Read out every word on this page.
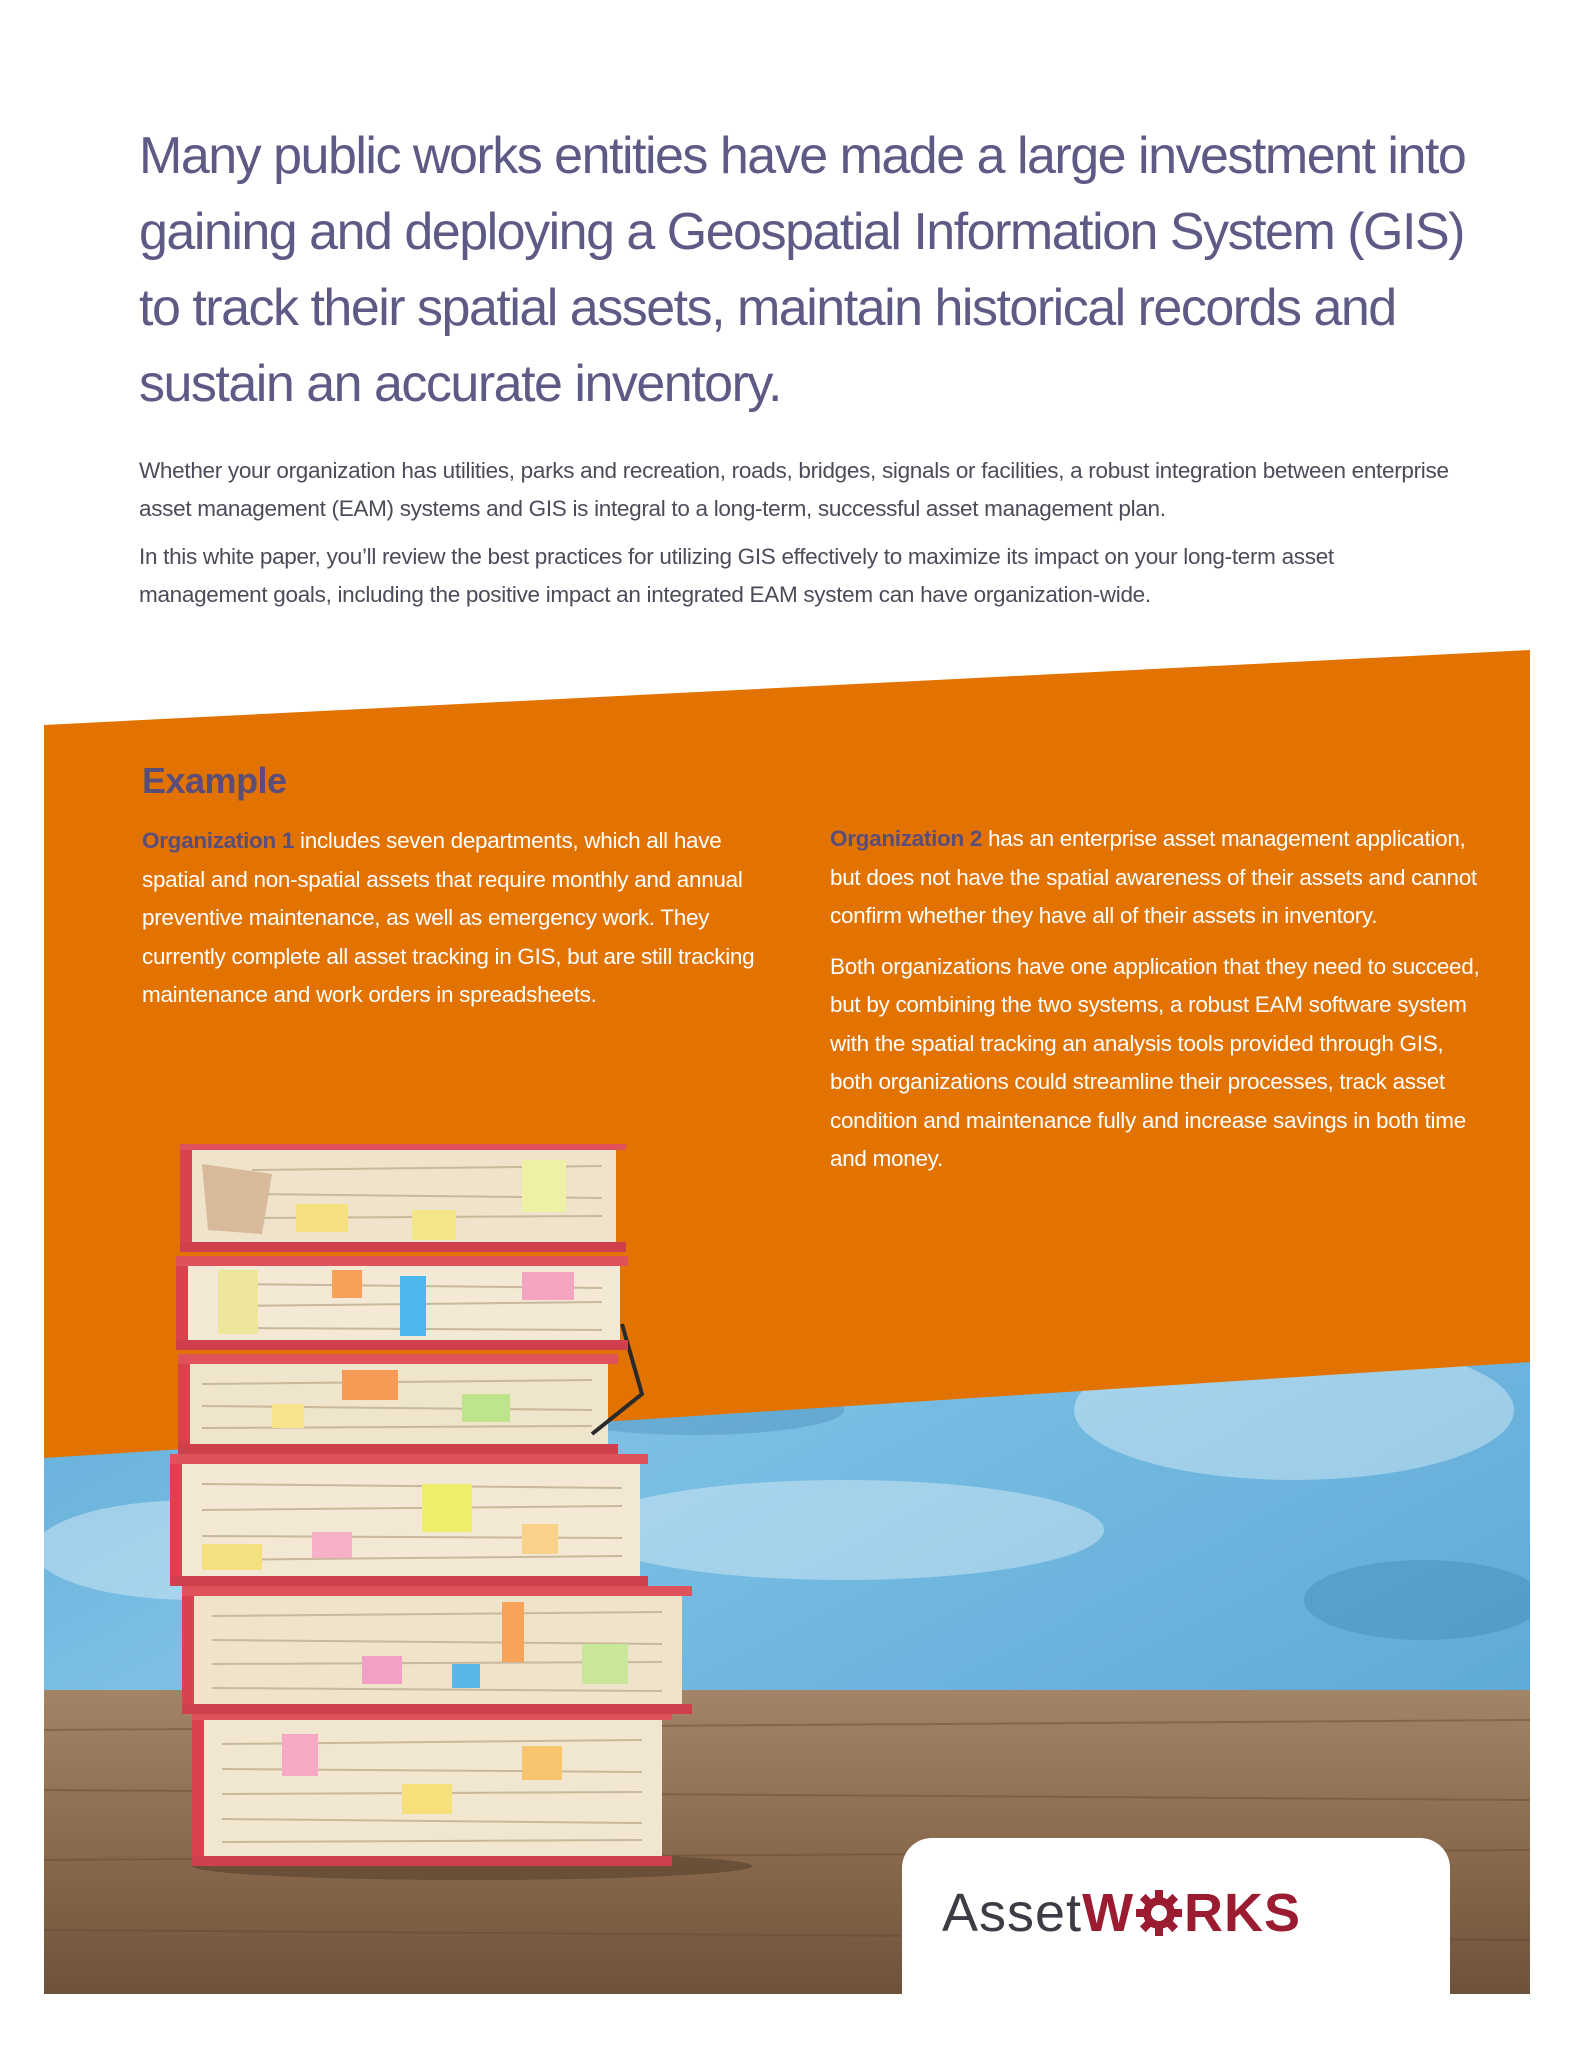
Many public works entities have made a large investment into gaining and deploying a Geospatial Information System (GIS) to track their spatial assets, maintain historical records and sustain an accurate inventory.

Whether your organization has utilities, parks and recreation, roads, bridges, signals or facilities, a robust integration between enterprise asset management (EAM) systems and GIS is integral to a long-term, successful asset management plan.

In this white paper, you’ll review the best practices for utilizing GIS effectively to maximize its impact on your long-term asset management goals, including the positive impact an integrated EAM system can have organization-wide.

Example

Organization 1 includes seven departments, which all have spatial and non-spatial assets that require monthly and annual preventive maintenance, as well as emergency work. They currently complete all asset tracking in GIS, but are still tracking maintenance and work orders in spreadsheets.

Organization 2 has an enterprise asset management application, but does not have the spatial awareness of their assets and cannot confirm whether they have all of their assets in inventory.

Both organizations have one application that they need to succeed, but by combining the two systems, a robust EAM software system with the spatial tracking an analysis tools provided through GIS, both organizations could streamline their processes, track asset condition and maintenance fully and increase savings in both time and money.

Asset W RKS
